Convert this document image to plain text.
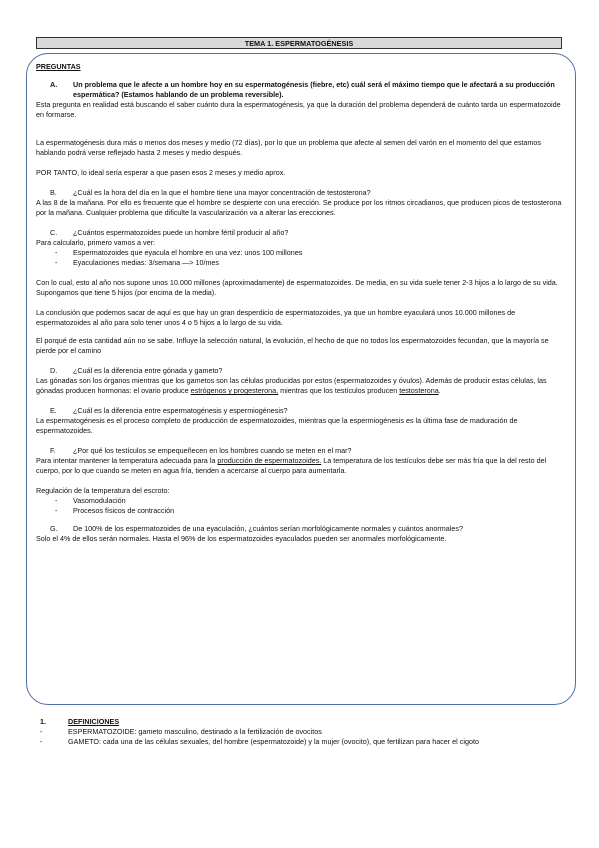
TEMA 1. ESPERMATOGÉNESIS

PREGUNTAS

A.	Un problema que le afecte a un hombre hoy en su espermatogénesis (fiebre, etc) cuál será el máximo tiempo que le afectará a su producción espermática? (Estamos hablando de un problema reversible).

Esta pregunta en realidad está buscando el saber cuánto dura la espermatogénesis, ya que la duración del problema dependerá de cuánto tarda un espermatozoide en formarse.

La espermatogénesis dura más o menos dos meses y medio (72 días), por lo que un problema que afecte al semen del varón en el momento del que estamos hablando podrá verse reflejado hasta 2 meses y medio después.

POR TANTO, lo ideal sería esperar a que pasen esos 2 meses y medio aprox.

B.	¿Cuál es la hora del día en la que el hombre tiene una mayor concentración de testosterona?

A las 8 de la mañana. Por ello es frecuente que el hombre se despierte con una erección. Se produce por los ritmos circadianos, que producen picos de testosterona por la mañana. Cualquier problema que dificulte la vascularización va a alterar las erecciones.

C.	¿Cuántos espermatozoides puede un hombre fértil producir al año?

Para calcularlo, primero vamos a ver:

- Espermatozoides que eyacula el hombre en una vez: unos 100 millones
- Eyaculaciones medias: 3/semana —> 10/mes

Con lo cual, esto al año nos supone unos 10.000 millones (aproximadamente) de espermatozoides. De media, en su vida suele tener 2-3 hijos a lo largo de su vida. Supongamos que tiene 5 hijos (por encima de la media).

La conclusión que podemos sacar de aquí es que hay un gran desperdicio de espermatozoides, ya que un hombre eyaculará unos 10.000 millones de espermatozoides al año para solo tener unos 4 o 5 hijos a lo largo de su vida.

El porqué de esta cantidad aún no se sabe. Influye la selección natural, la evolución, el hecho de que no todos los espermatozoides fecundan, que la mayoría se pierde por el camino

D.	¿Cuál es la diferencia entre gónada y gameto?

Las gónadas son los órganos mientras que los gametos son las células producidas por estos (espermatozoides y óvulos). Además de producir estas células, las gónadas producen hormonas: el ovario produce estrógenos y progesterona, mientras que los testículos producen testosterona.

E.	¿Cuál es la diferencia entre espermatogénesis y espermiogénesis?

La espermatogénesis es el proceso completo de producción de espermatozoides, mientras que la espermiogénesis es la última fase de maduración de espermatozoides.

F.	¿Por qué los testículos se empequeñecen en los hombres cuando se meten en el mar?

Para intentar mantener la temperatura adecuada para la producción de espermatozoides. La temperatura de los testículos debe ser más fría que la del resto del cuerpo, por lo que cuando se meten en agua fría, tienden a acercarse al cuerpo para aumentarla.

Regulación de la temperatura del escroto:

- Vasomodulación
- Procesos físicos de contracción
G.	De 100% de los espermatozoides de una eyaculación, ¿cuántos serían morfológicamente normales y cuántos anormales?

Solo el 4% de ellos serán normales. Hasta el 96% de los espermatozoides eyaculados pueden ser anormales morfológicamente.

1.	DEFINICIONES

-	ESPERMATOZOIDE: gameto masculino, destinado a la fertilización de ovocitos

-	GAMETO: cada una de las células sexuales, del hombre (espermatozoide) y la mujer (ovocito), que fertilizan para hacer el cigoto
